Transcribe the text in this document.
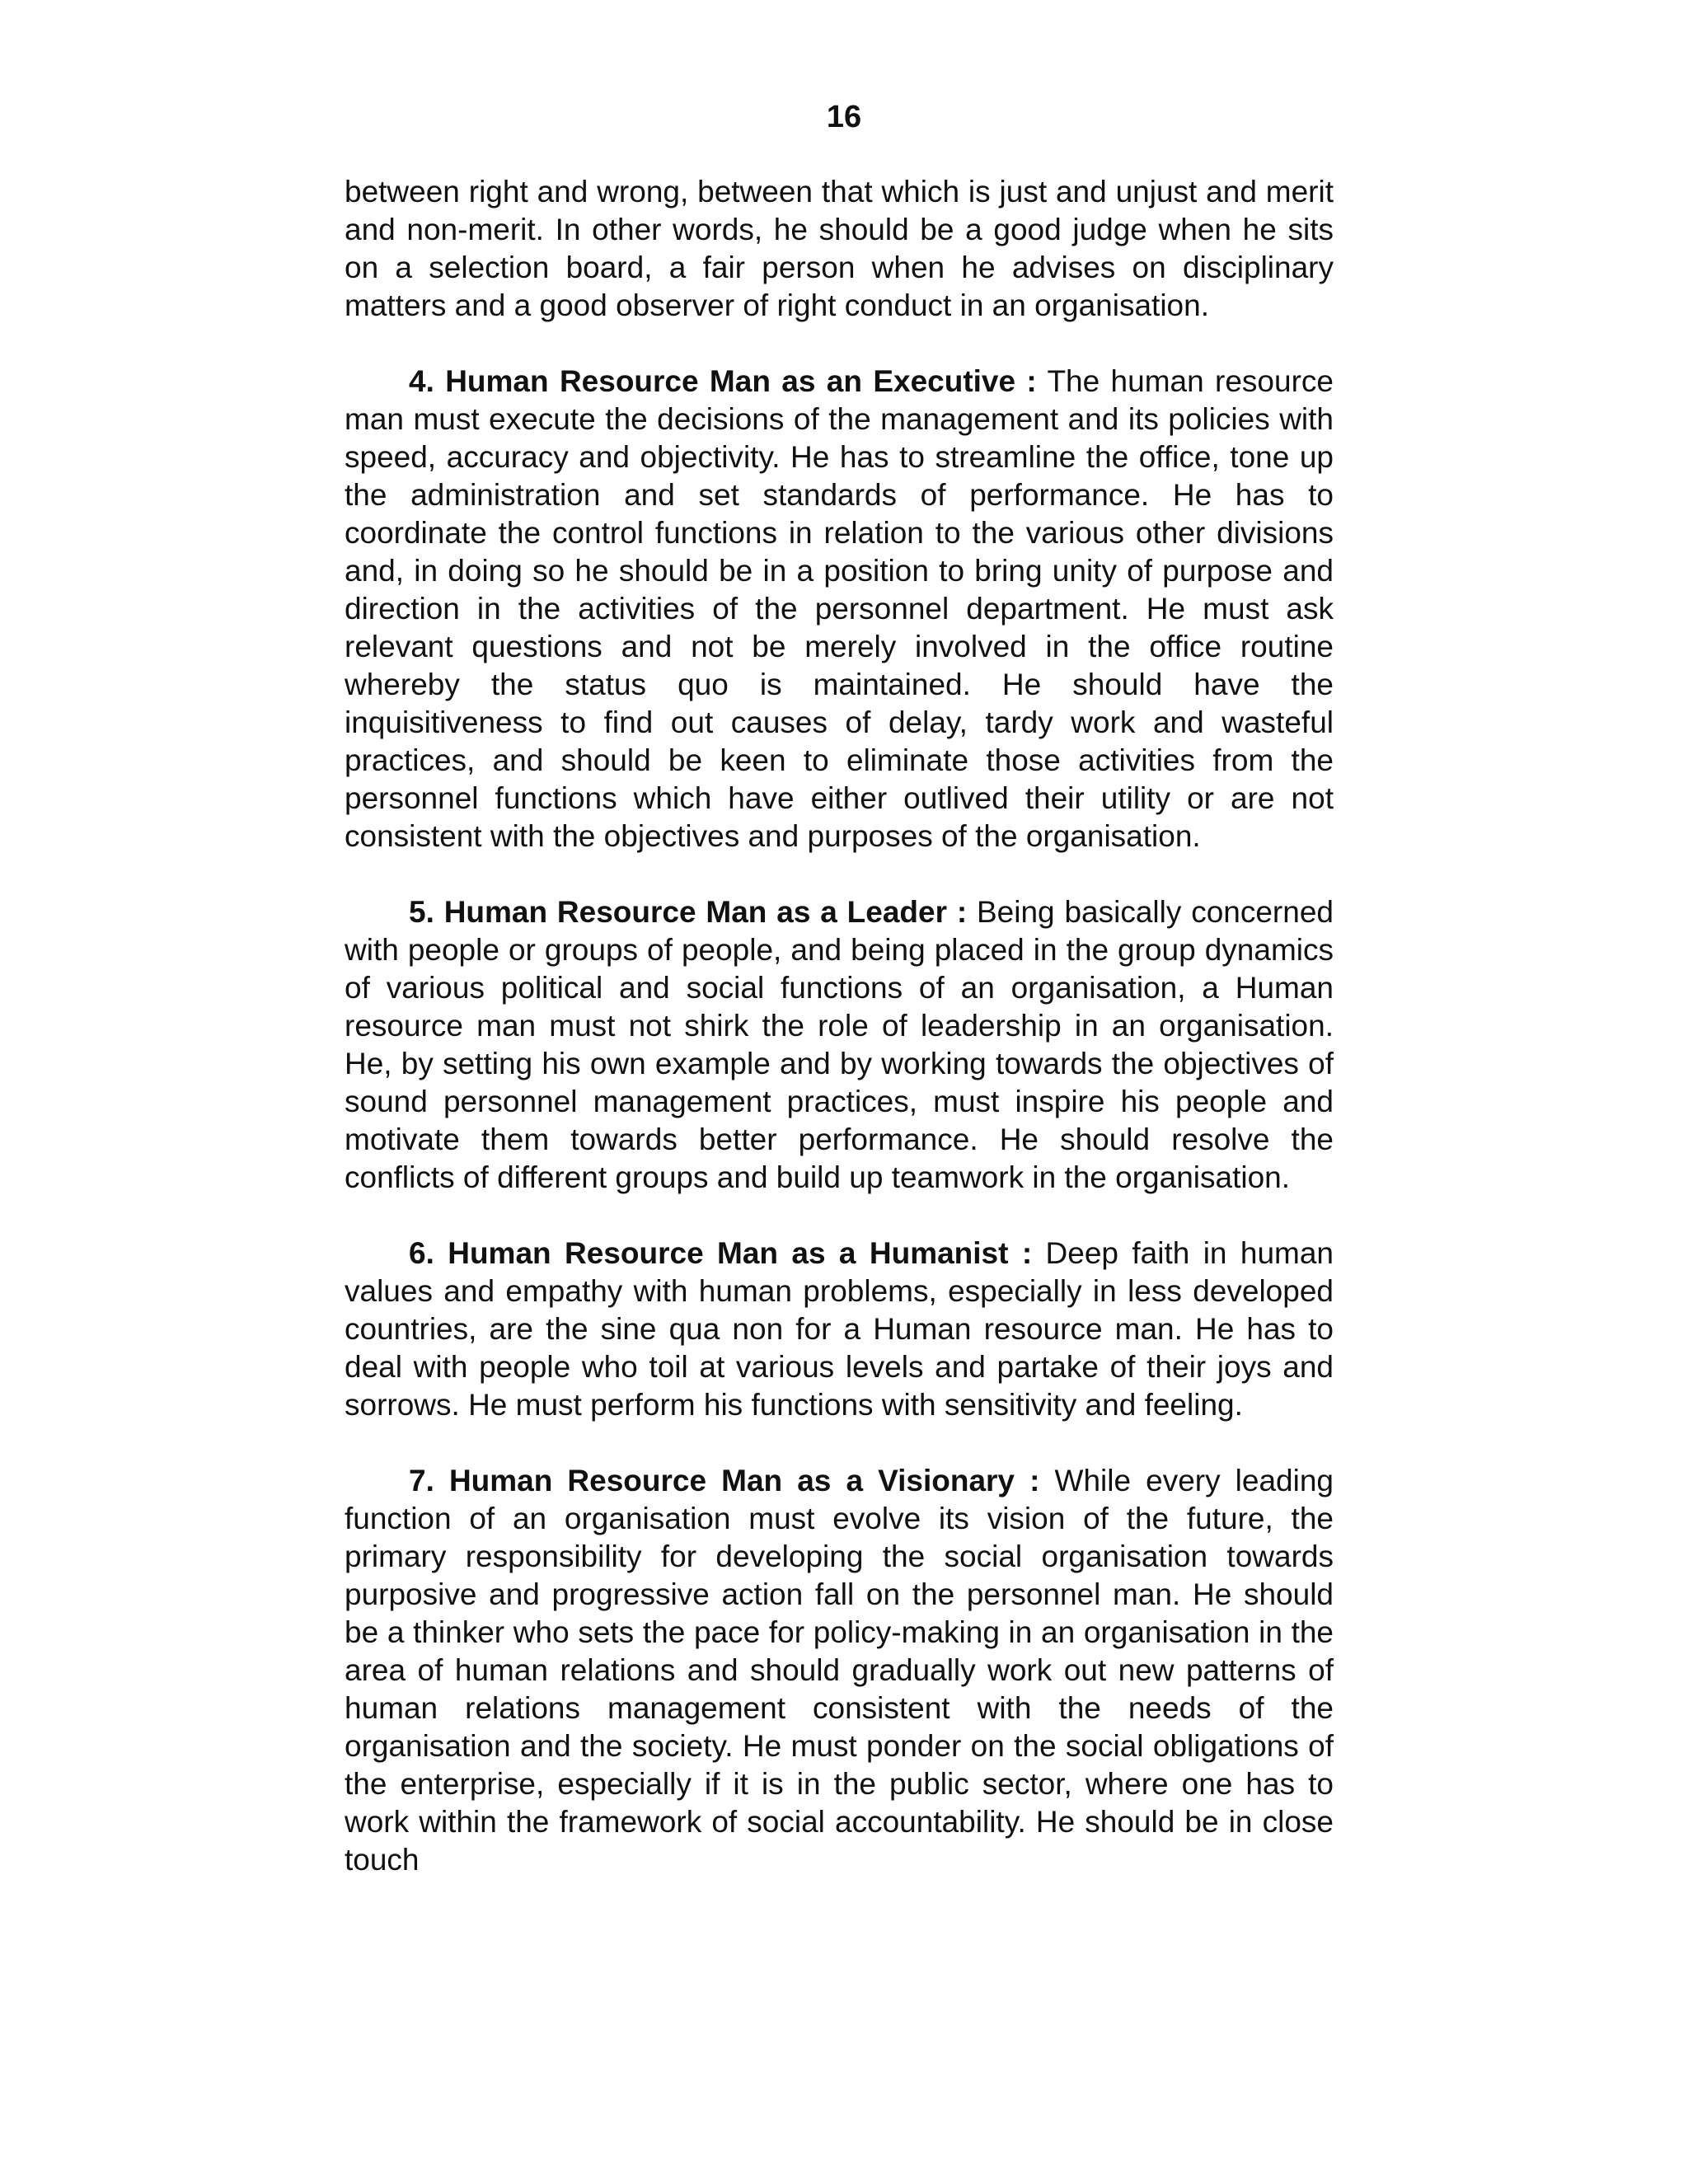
16

between right and wrong, between that which is just and unjust and merit and non-merit. In other words, he should be a good judge when he sits on a selection board, a fair person when he advises on disciplinary matters and a good observer of right conduct in an organisation.

4. Human Resource Man as an Executive : The human resource man must execute the decisions of the management and its policies with speed, accuracy and objectivity. He has to streamline the office, tone up the administration and set standards of performance. He has to coordinate the control functions in relation to the various other divisions and, in doing so he should be in a position to bring unity of purpose and direction in the activities of the personnel department. He must ask relevant questions and not be merely involved in the office routine whereby the status quo is maintained. He should have the inquisitiveness to find out causes of delay, tardy work and wasteful practices, and should be keen to eliminate those activities from the personnel functions which have either outlived their utility or are not consistent with the objectives and purposes of the organisation.

5. Human Resource Man as a Leader : Being basically concerned with people or groups of people, and being placed in the group dynamics of various political and social functions of an organisation, a Human resource man must not shirk the role of leadership in an organisation. He, by setting his own example and by working towards the objectives of sound personnel management practices, must inspire his people and motivate them towards better performance. He should resolve the conflicts of different groups and build up teamwork in the organisation.

6. Human Resource Man as a Humanist : Deep faith in human values and empathy with human problems, especially in less developed countries, are the sine qua non for a Human resource man. He has to deal with people who toil at various levels and partake of their joys and sorrows. He must perform his functions with sensitivity and feeling.

7. Human Resource Man as a Visionary : While every leading function of an organisation must evolve its vision of the future, the primary responsibility for developing the social organisation towards purposive and progressive action fall on the personnel man. He should be a thinker who sets the pace for policy-making in an organisation in the area of human relations and should gradually work out new patterns of human relations management consistent with the needs of the organisation and the society. He must ponder on the social obligations of the enterprise, especially if it is in the public sector, where one has to work within the framework of social accountability. He should be in close touch
